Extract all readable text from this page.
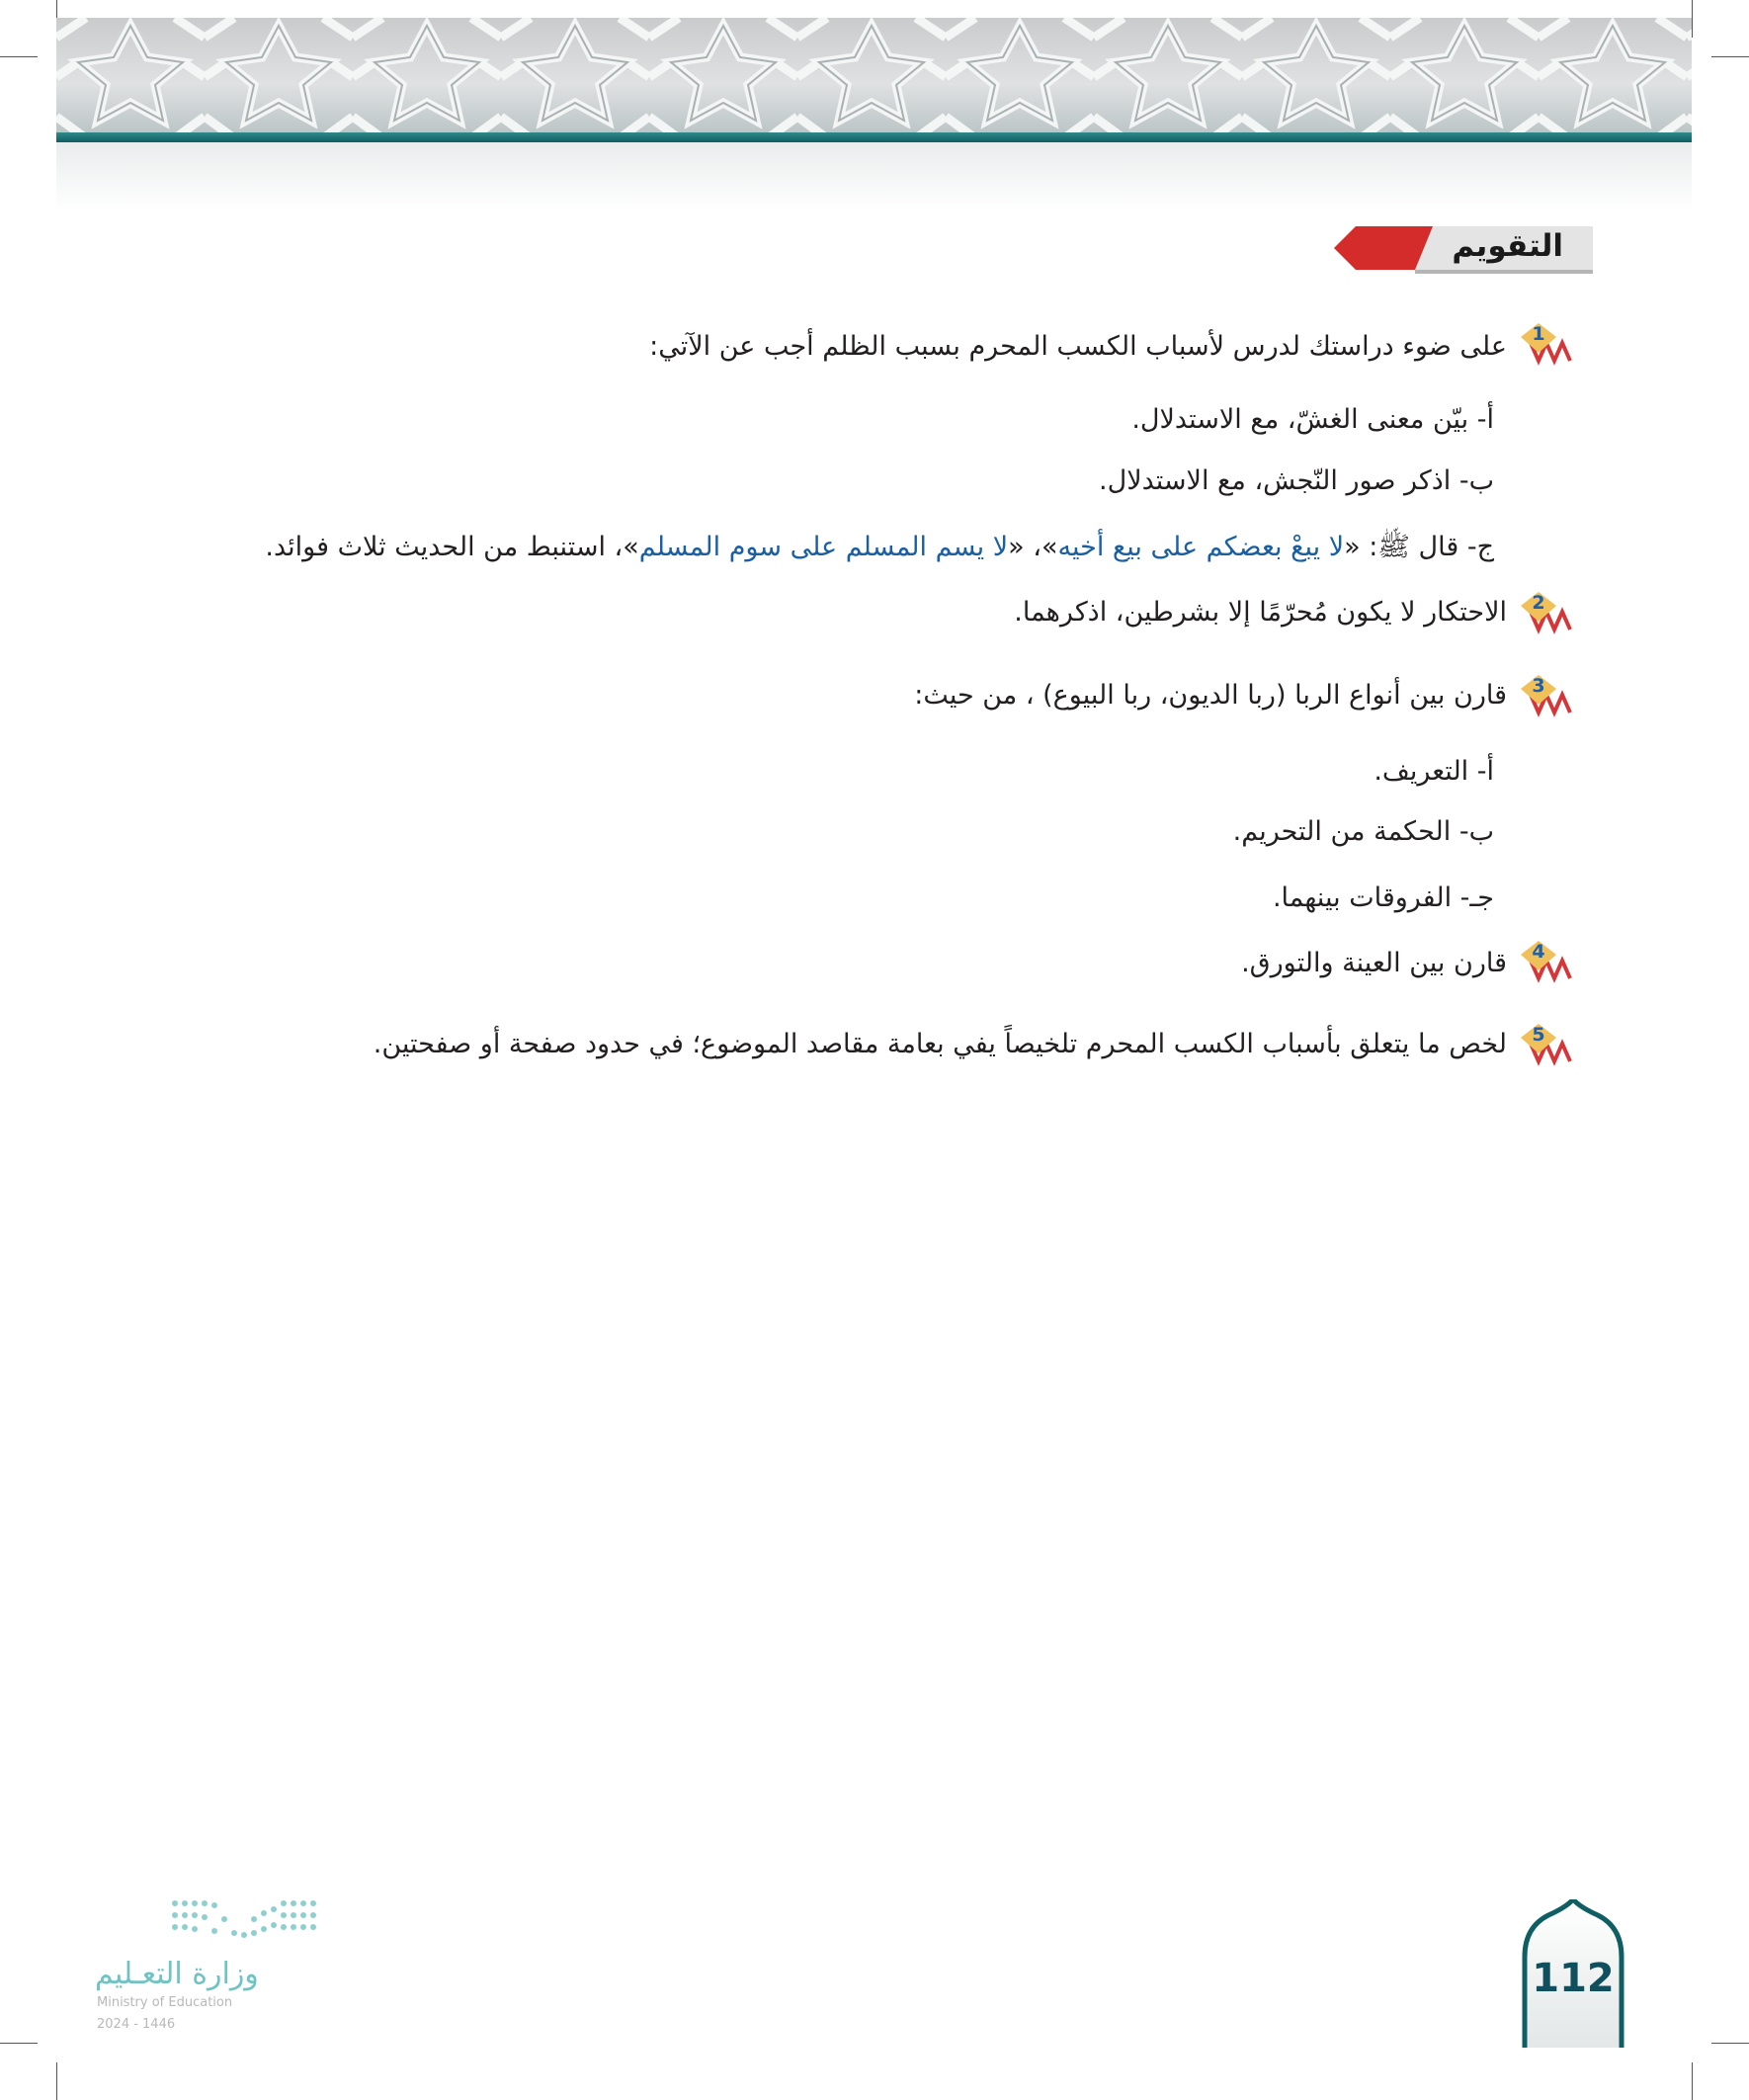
التقويم
1
على ضوء دراستك لدرس لأسباب الكسب المحرم بسبب الظلم أجب عن الآتي:
أ- بيّن معنى الغشّ، مع الاستدلال.
ب- اذكر صور النّجش، مع الاستدلال.
ج- قال ﷺ: «لا يبعْ بعضكم على بيع أخيه»، «لا يسم المسلم على سوم المسلم»، استنبط من الحديث ثلاث فوائد.
2
الاحتكار لا يكون مُحرّمًا إلا بشرطين، اذكرهما.
3
قارن بين أنواع الربا (ربا الديون، ربا البيوع) ، من حيث:
أ- التعريف.
ب- الحكمة من التحريم.
جـ- الفروقات بينهما.
4
قارن بين العينة والتورق.
5
لخص ما يتعلق بأسباب الكسب المحرم تلخيصاً يفي بعامة مقاصد الموضوع؛ في حدود صفحة أو صفحتين.

وزارة التعـليم

Ministry of Education

2024 - 1446

112
